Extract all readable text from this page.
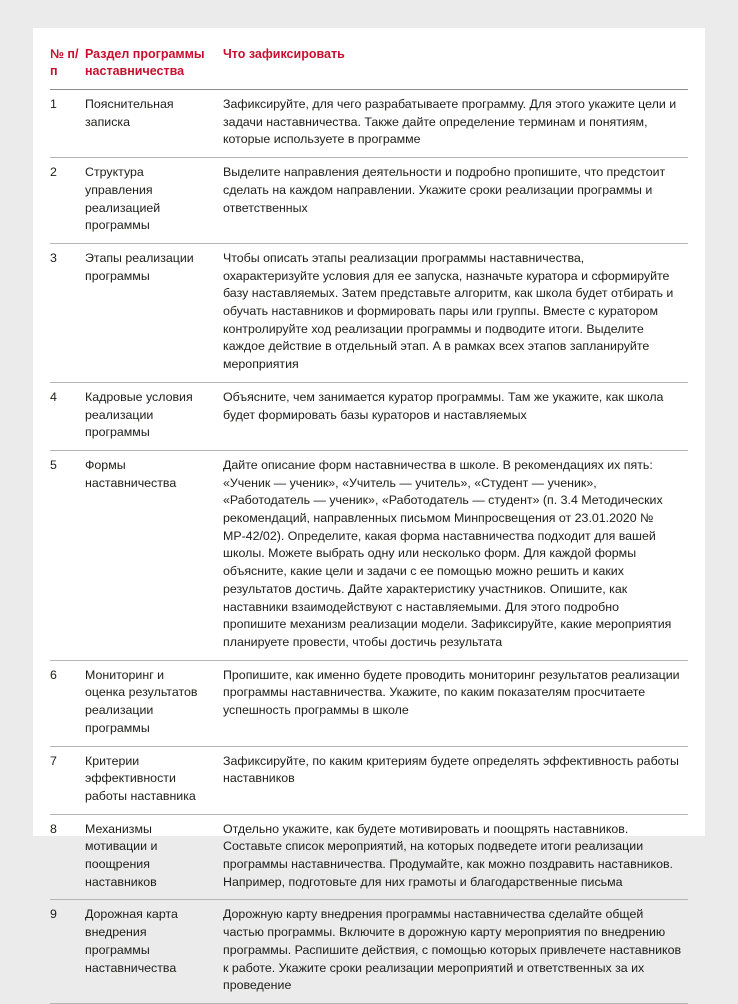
№ п/п	Раздел программы наставничества	Что зафиксировать
1	Пояснительная записка	Зафиксируйте, для чего разрабатываете программу. Для этого укажите цели и задачи наставничества. Также дайте определение терминам и понятиям, которые используете в программе
2	Структура управления реализацией программы	Выделите направления деятельности и подробно пропишите, что предстоит сделать на каждом направлении. Укажите сроки реализации программы и ответственных
3	Этапы реализации программы	Чтобы описать этапы реализации программы наставничества, охарактеризуйте условия для ее запуска, назначьте куратора и сформируйте базу наставляемых. Затем представьте алгоритм, как школа будет отбирать и обучать наставников и формировать пары или группы. Вместе с куратором контролируйте ход реализации программы и подводите итоги. Выделите каждое действие в отдельный этап. А в рамках всех этапов запланируйте мероприятия
4	Кадровые условия реализации программы	Объясните, чем занимается куратор программы. Там же укажите, как школа будет формировать базы кураторов и наставляемых
5	Формы наставничества	Дайте описание форм наставничества в школе. В рекомендациях их пять: «Ученик — ученик», «Учитель — учитель», «Студент — ученик», «Работодатель — ученик», «Работодатель — студент» (п. 3.4 Методических рекомендаций, направленных письмом Минпросвещения от 23.01.2020 № МР-42/02). Определите, какая форма наставничества подходит для вашей школы. Можете выбрать одну или несколько форм. Для каждой формы объясните, какие цели и задачи с ее помощью можно решить и каких результатов достичь. Дайте характеристику участников. Опишите, как наставники взаимодействуют с наставляемыми. Для этого подробно пропишите механизм реализации модели. Зафиксируйте, какие мероприятия планируете провести, чтобы достичь результата
6	Мониторинг и оценка результатов реализации программы	Пропишите, как именно будете проводить мониторинг результатов реализации программы наставничества. Укажите, по каким показателям просчитаете успешность программы в школе
7	Критерии эффективности работы наставника	Зафиксируйте, по каким критериям будете определять эффективность работы наставников
8	Механизмы мотивации и поощрения наставников	Отдельно укажите, как будете мотивировать и поощрять наставников. Составьте список мероприятий, на которых подведете итоги реализации программы наставничества. Продумайте, как можно поздравить наставников. Например, подготовьте для них грамоты и благодарственные письма
9	Дорожная карта внедрения программы наставничества	Дорожную карту внедрения программы наставничества сделайте общей частью программы. Включите в дорожную карту мероприятия по внедрению программы. Распишите действия, с помощью которых привлечете наставников к работе. Укажите сроки реализации мероприятий и ответственных за их проведение
